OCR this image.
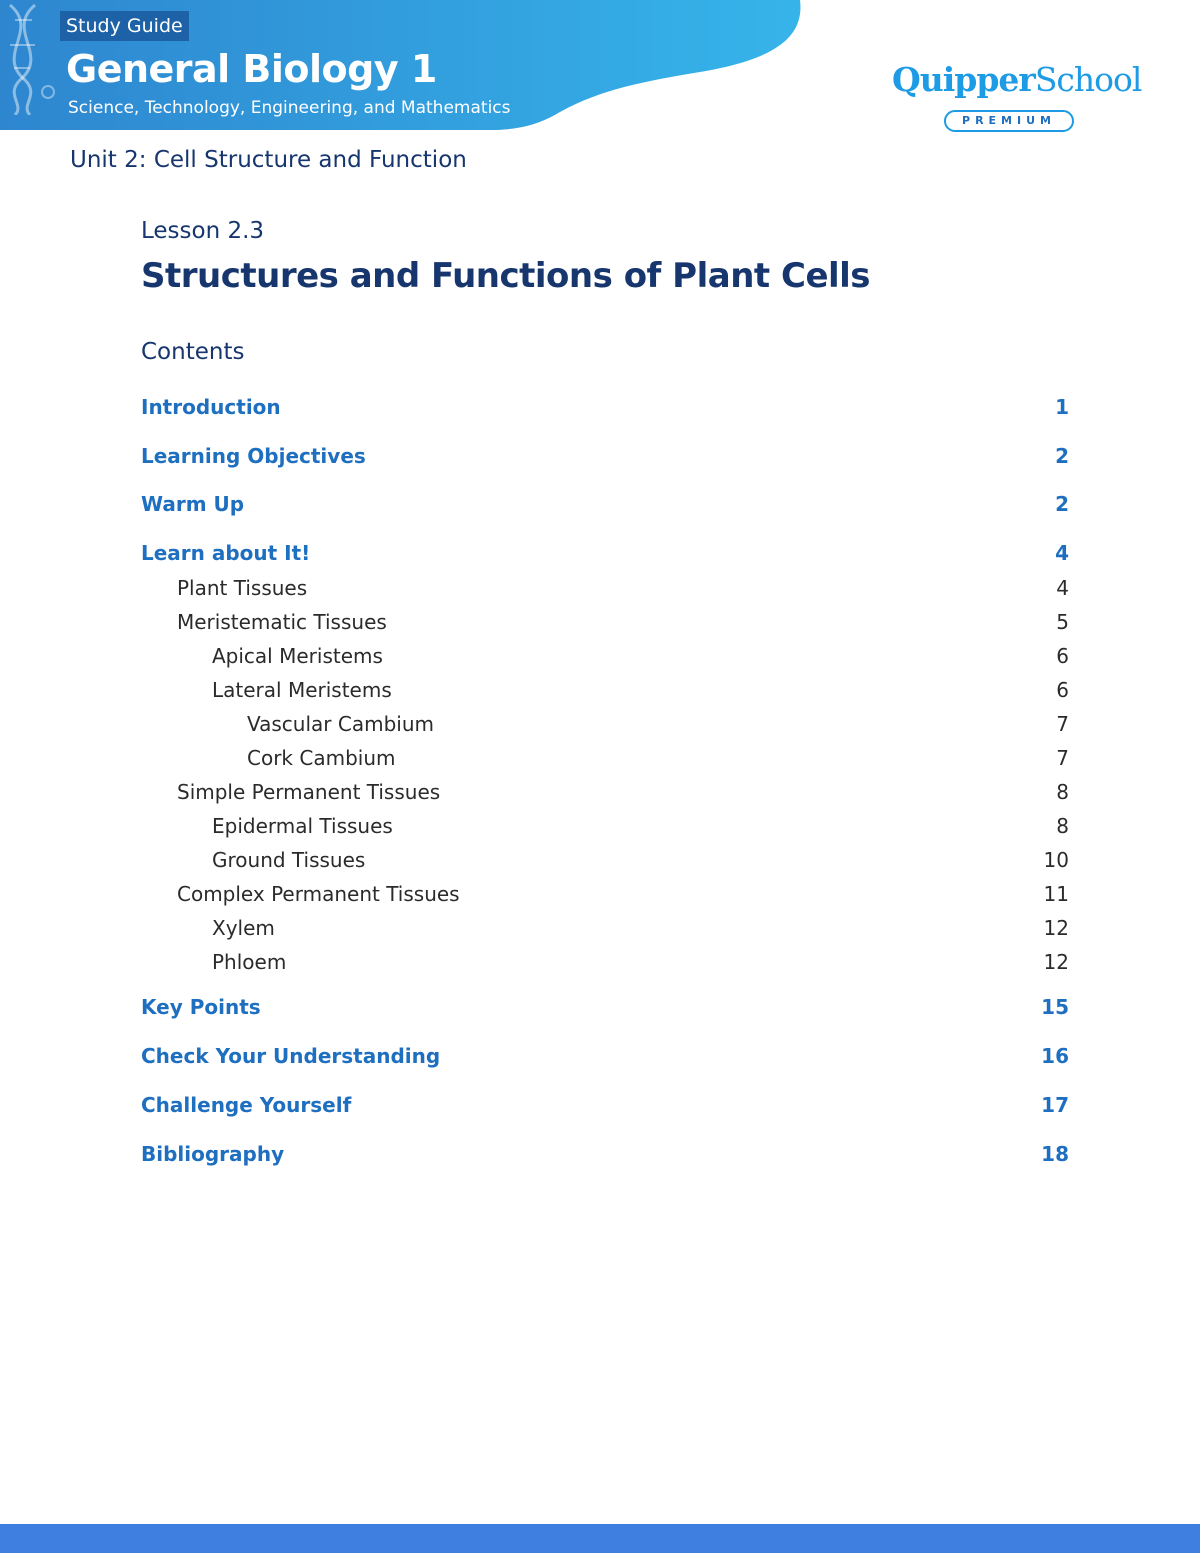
Study Guide
General Biology 1
Science, Technology, Engineering, and Mathematics
QuipperSchool
PREMIUM
Unit 2: Cell Structure and Function
Lesson 2.3
Structures and Functions of Plant Cells
Contents
Introduction	1
Learning Objectives	2
Warm Up	2
Learn about It!	4
Plant Tissues	4
Meristematic Tissues	5
Apical Meristems	6
Lateral Meristems	6
Vascular Cambium	7
Cork Cambium	7
Simple Permanent Tissues	8
Epidermal Tissues	8
Ground Tissues	10
Complex Permanent Tissues	11
Xylem	12
Phloem	12
Key Points	15
Check Your Understanding	16
Challenge Yourself	17
Bibliography	18
